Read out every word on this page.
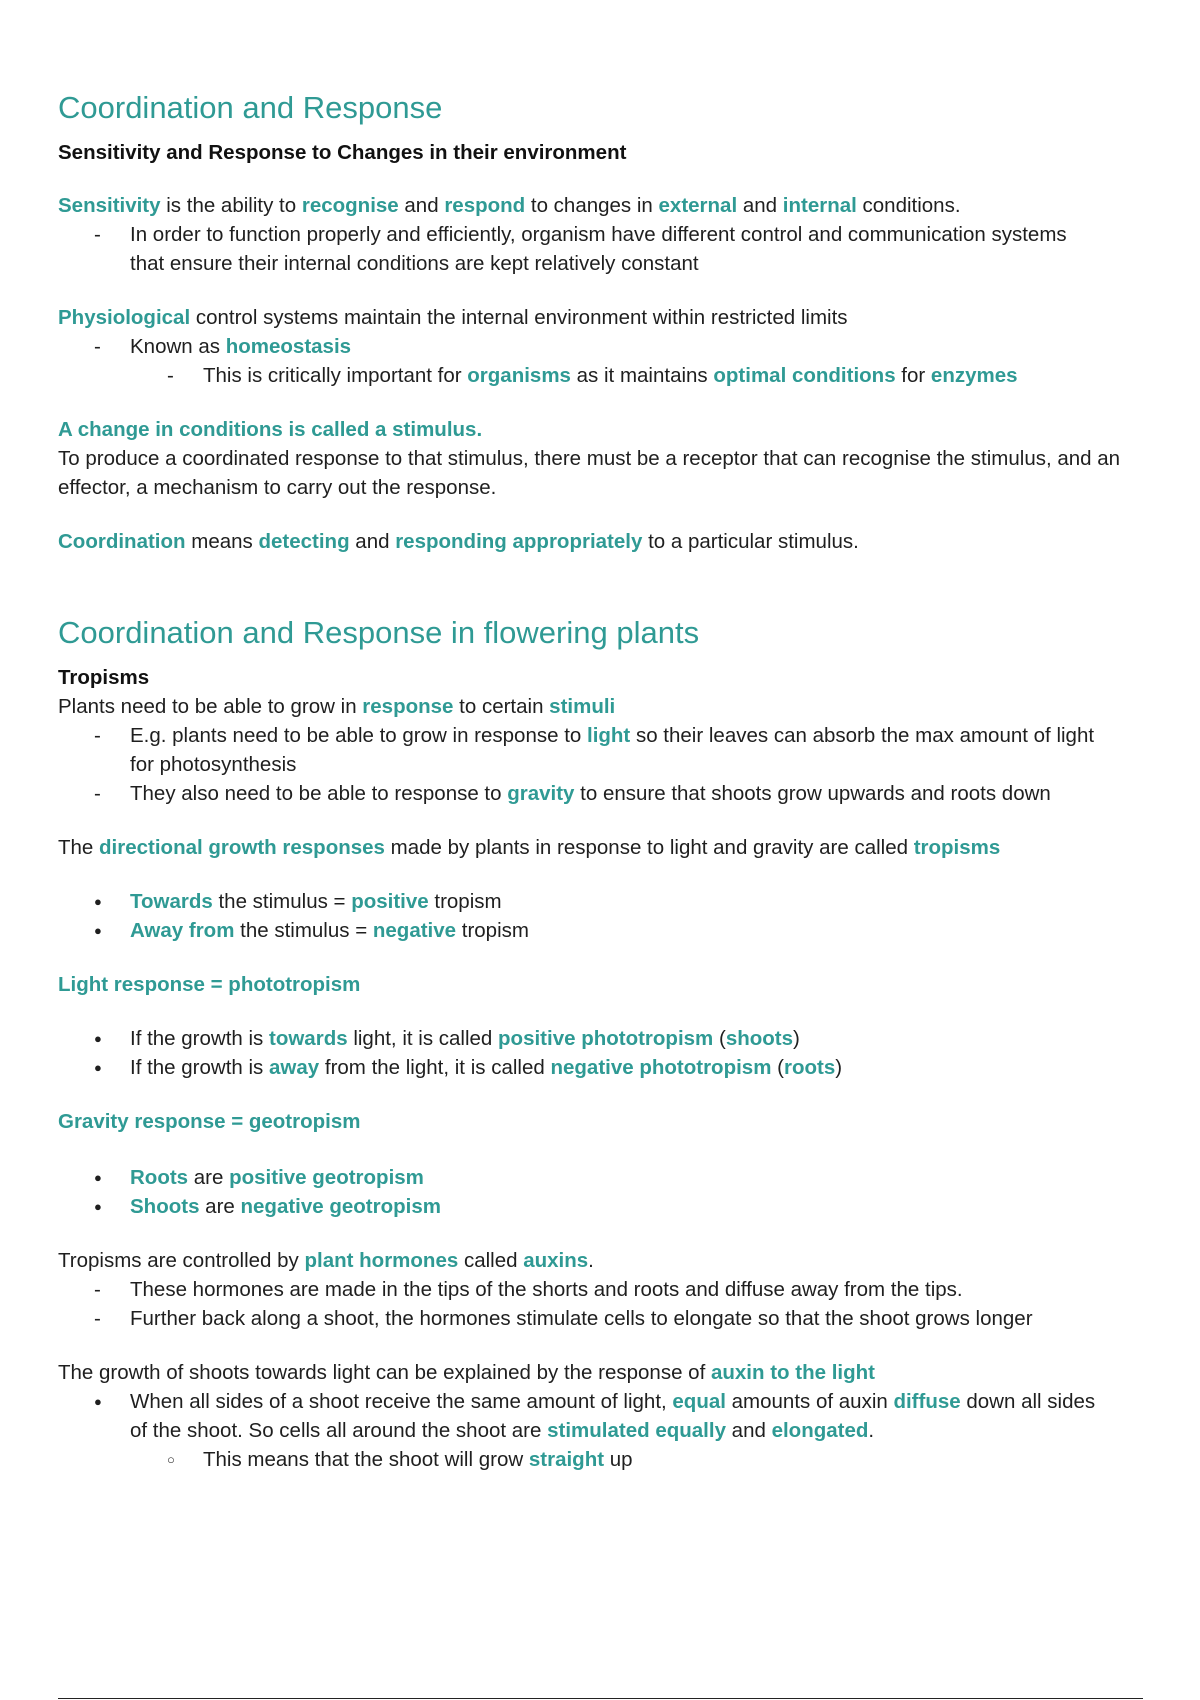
Coordination and Response

Sensitivity and Response to Changes in their environment

Sensitivity is the ability to recognise and respond to changes in external and internal conditions.

- In order to function properly and efficiently, organism have different control and communication systems that ensure their internal conditions are kept relatively constant

Physiological control systems maintain the internal environment within restricted limits

- Known as homeostasis
- This is critically important for organisms as it maintains optimal conditions for enzymes

A change in conditions is called a stimulus.

To produce a coordinated response to that stimulus, there must be a receptor that can recognise the stimulus, and an effector, a mechanism to carry out the response.

Coordination means detecting and responding appropriately to a particular stimulus.

Coordination and Response in flowering plants

Tropisms

Plants need to be able to grow in response to certain stimuli

- E.g. plants need to be able to grow in response to light so their leaves can absorb the max amount of light for photosynthesis
- They also need to be able to response to gravity to ensure that shoots grow upwards and roots down

The directional growth responses made by plants in response to light and gravity are called tropisms

● Towards the stimulus = positive tropism
● Away from the stimulus = negative tropism

Light response = phototropism

● If the growth is towards light, it is called positive phototropism (shoots)
● If the growth is away from the light, it is called negative phototropism (roots)

Gravity response = geotropism

● Roots are positive geotropism
● Shoots are negative geotropism

Tropisms are controlled by plant hormones called auxins.

- These hormones are made in the tips of the shorts and roots and diffuse away from the tips.
- Further back along a shoot, the hormones stimulate cells to elongate so that the shoot grows longer

The growth of shoots towards light can be explained by the response of auxin to the light

● When all sides of a shoot receive the same amount of light, equal amounts of auxin diffuse down all sides of the shoot. So cells all around the shoot are stimulated equally and elongated.
○ This means that the shoot will grow straight up
